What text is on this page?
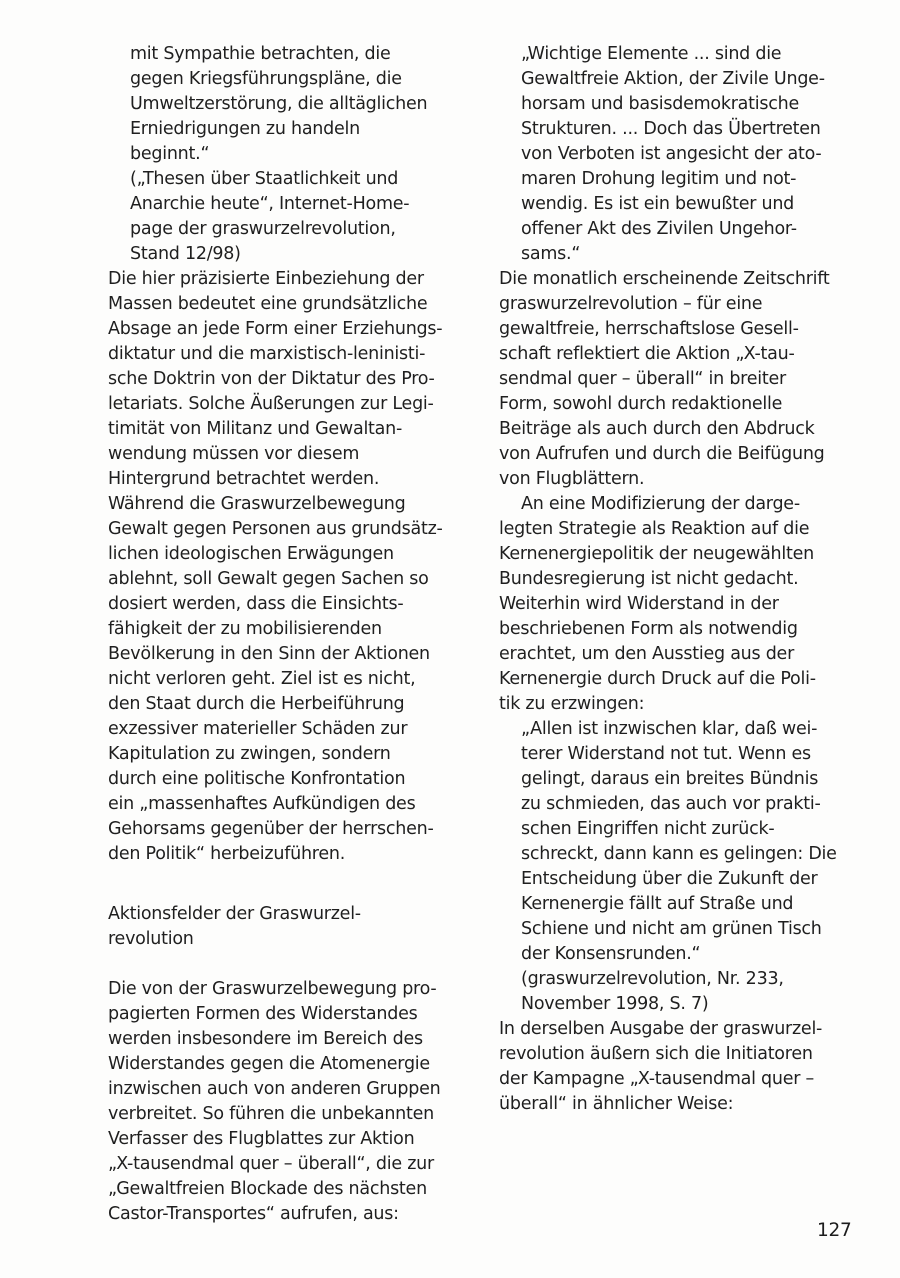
mit Sympathie betrachten, die
gegen Kriegsführungspläne, die
Umweltzerstörung, die alltäglichen
Erniedrigungen zu handeln
beginnt.“
(„Thesen über Staatlichkeit und
Anarchie heute“, Internet-Home-
page der graswurzelrevolution,
Stand 12/98)
Die hier präzisierte Einbeziehung der
Massen bedeutet eine grundsätzliche
Absage an jede Form einer Erziehungs-
diktatur und die marxistisch-leninisti-
sche Doktrin von der Diktatur des Pro-
letariats. Solche Äußerungen zur Legi-
timität von Militanz und Gewaltan-
wendung müssen vor diesem
Hintergrund betrachtet werden.
Während die Graswurzelbewegung
Gewalt gegen Personen aus grundsätz-
lichen ideologischen Erwägungen
ablehnt, soll Gewalt gegen Sachen so
dosiert werden, dass die Einsichts-
fähigkeit der zu mobilisierenden
Bevölkerung in den Sinn der Aktionen
nicht verloren geht. Ziel ist es nicht,
den Staat durch die Herbeiführung
exzessiver materieller Schäden zur
Kapitulation zu zwingen, sondern
durch eine politische Konfrontation
ein „massenhaftes Aufkündigen des
Gehorsams gegenüber der herrschen-
den Politik“ herbeizuführen.
Aktionsfelder der Graswurzel-
revolution
Die von der Graswurzelbewegung pro-
pagierten Formen des Widerstandes
werden insbesondere im Bereich des
Widerstandes gegen die Atomenergie
inzwischen auch von anderen Gruppen
verbreitet. So führen die unbekannten
Verfasser des Flugblattes zur Aktion
„X-tausendmal quer – überall“, die zur
„Gewaltfreien Blockade des nächsten
Castor-Transportes“ aufrufen, aus:
„Wichtige Elemente ... sind die
Gewaltfreie Aktion, der Zivile Unge-
horsam und basisdemokratische
Strukturen. ... Doch das Übertreten
von Verboten ist angesicht der ato-
maren Drohung legitim und not-
wendig. Es ist ein bewußter und
offener Akt des Zivilen Ungehor-
sams.“
Die monatlich erscheinende Zeitschrift
graswurzelrevolution – für eine
gewaltfreie, herrschaftslose Gesell-
schaft reflektiert die Aktion „X-tau-
sendmal quer – überall“ in breiter
Form, sowohl durch redaktionelle
Beiträge als auch durch den Abdruck
von Aufrufen und durch die Beifügung
von Flugblättern.
An eine Modifizierung der darge-
legten Strategie als Reaktion auf die
Kernenergiepolitik der neugewählten
Bundesregierung ist nicht gedacht.
Weiterhin wird Widerstand in der
beschriebenen Form als notwendig
erachtet, um den Ausstieg aus der
Kernenergie durch Druck auf die Poli-
tik zu erzwingen:
„Allen ist inzwischen klar, daß wei-
terer Widerstand not tut. Wenn es
gelingt, daraus ein breites Bündnis
zu schmieden, das auch vor prakti-
schen Eingriffen nicht zurück-
schreckt, dann kann es gelingen: Die
Entscheidung über die Zukunft der
Kernenergie fällt auf Straße und
Schiene und nicht am grünen Tisch
der Konsensrunden.“
(graswurzelrevolution, Nr. 233,
November 1998, S. 7)
In derselben Ausgabe der graswurzel-
revolution äußern sich die Initiatoren
der Kampagne „X-tausendmal quer –
überall“ in ähnlicher Weise:
127
